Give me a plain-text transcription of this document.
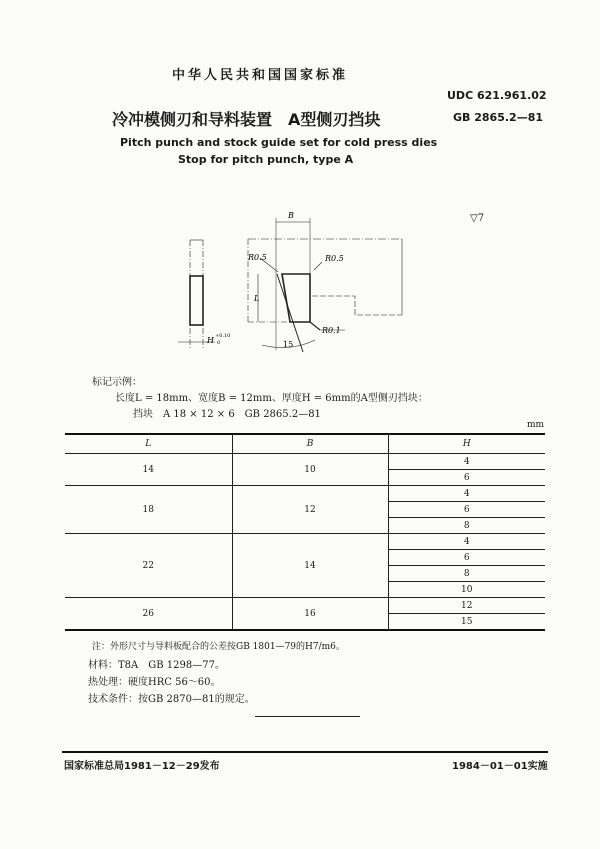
中华人民共和国国家标准
UDC 621.961.02
冷冲模侧刃和导料装置　A型侧刃挡块	GB 2865.2—81
Pitch punch and stock guide set for cold press dies
Stop for pitch punch, type A
B
R0.5	R0.5
L
R0.1
15
H +0.10
0
▽7
标记示例：
长度L = 18mm、宽度B = 12mm、厚度H = 6mm的A型侧刃挡块：
挡块　A 18 × 12 × 6　GB 2865.2—81
mm
L	B	H
14	10	4
		6
18	12	4
		6
		8
22	14	4
		6
		8
		10
26	16	12
		15
注：外形尺寸与导料板配合的公差按GB 1801—79的H7/m6。
材料：T8A　GB 1298—77。
热处理：硬度HRC 56～60。
技术条件：按GB 2870—81的规定。
国家标准总局1981－12－29发布	1984－01－01实施
